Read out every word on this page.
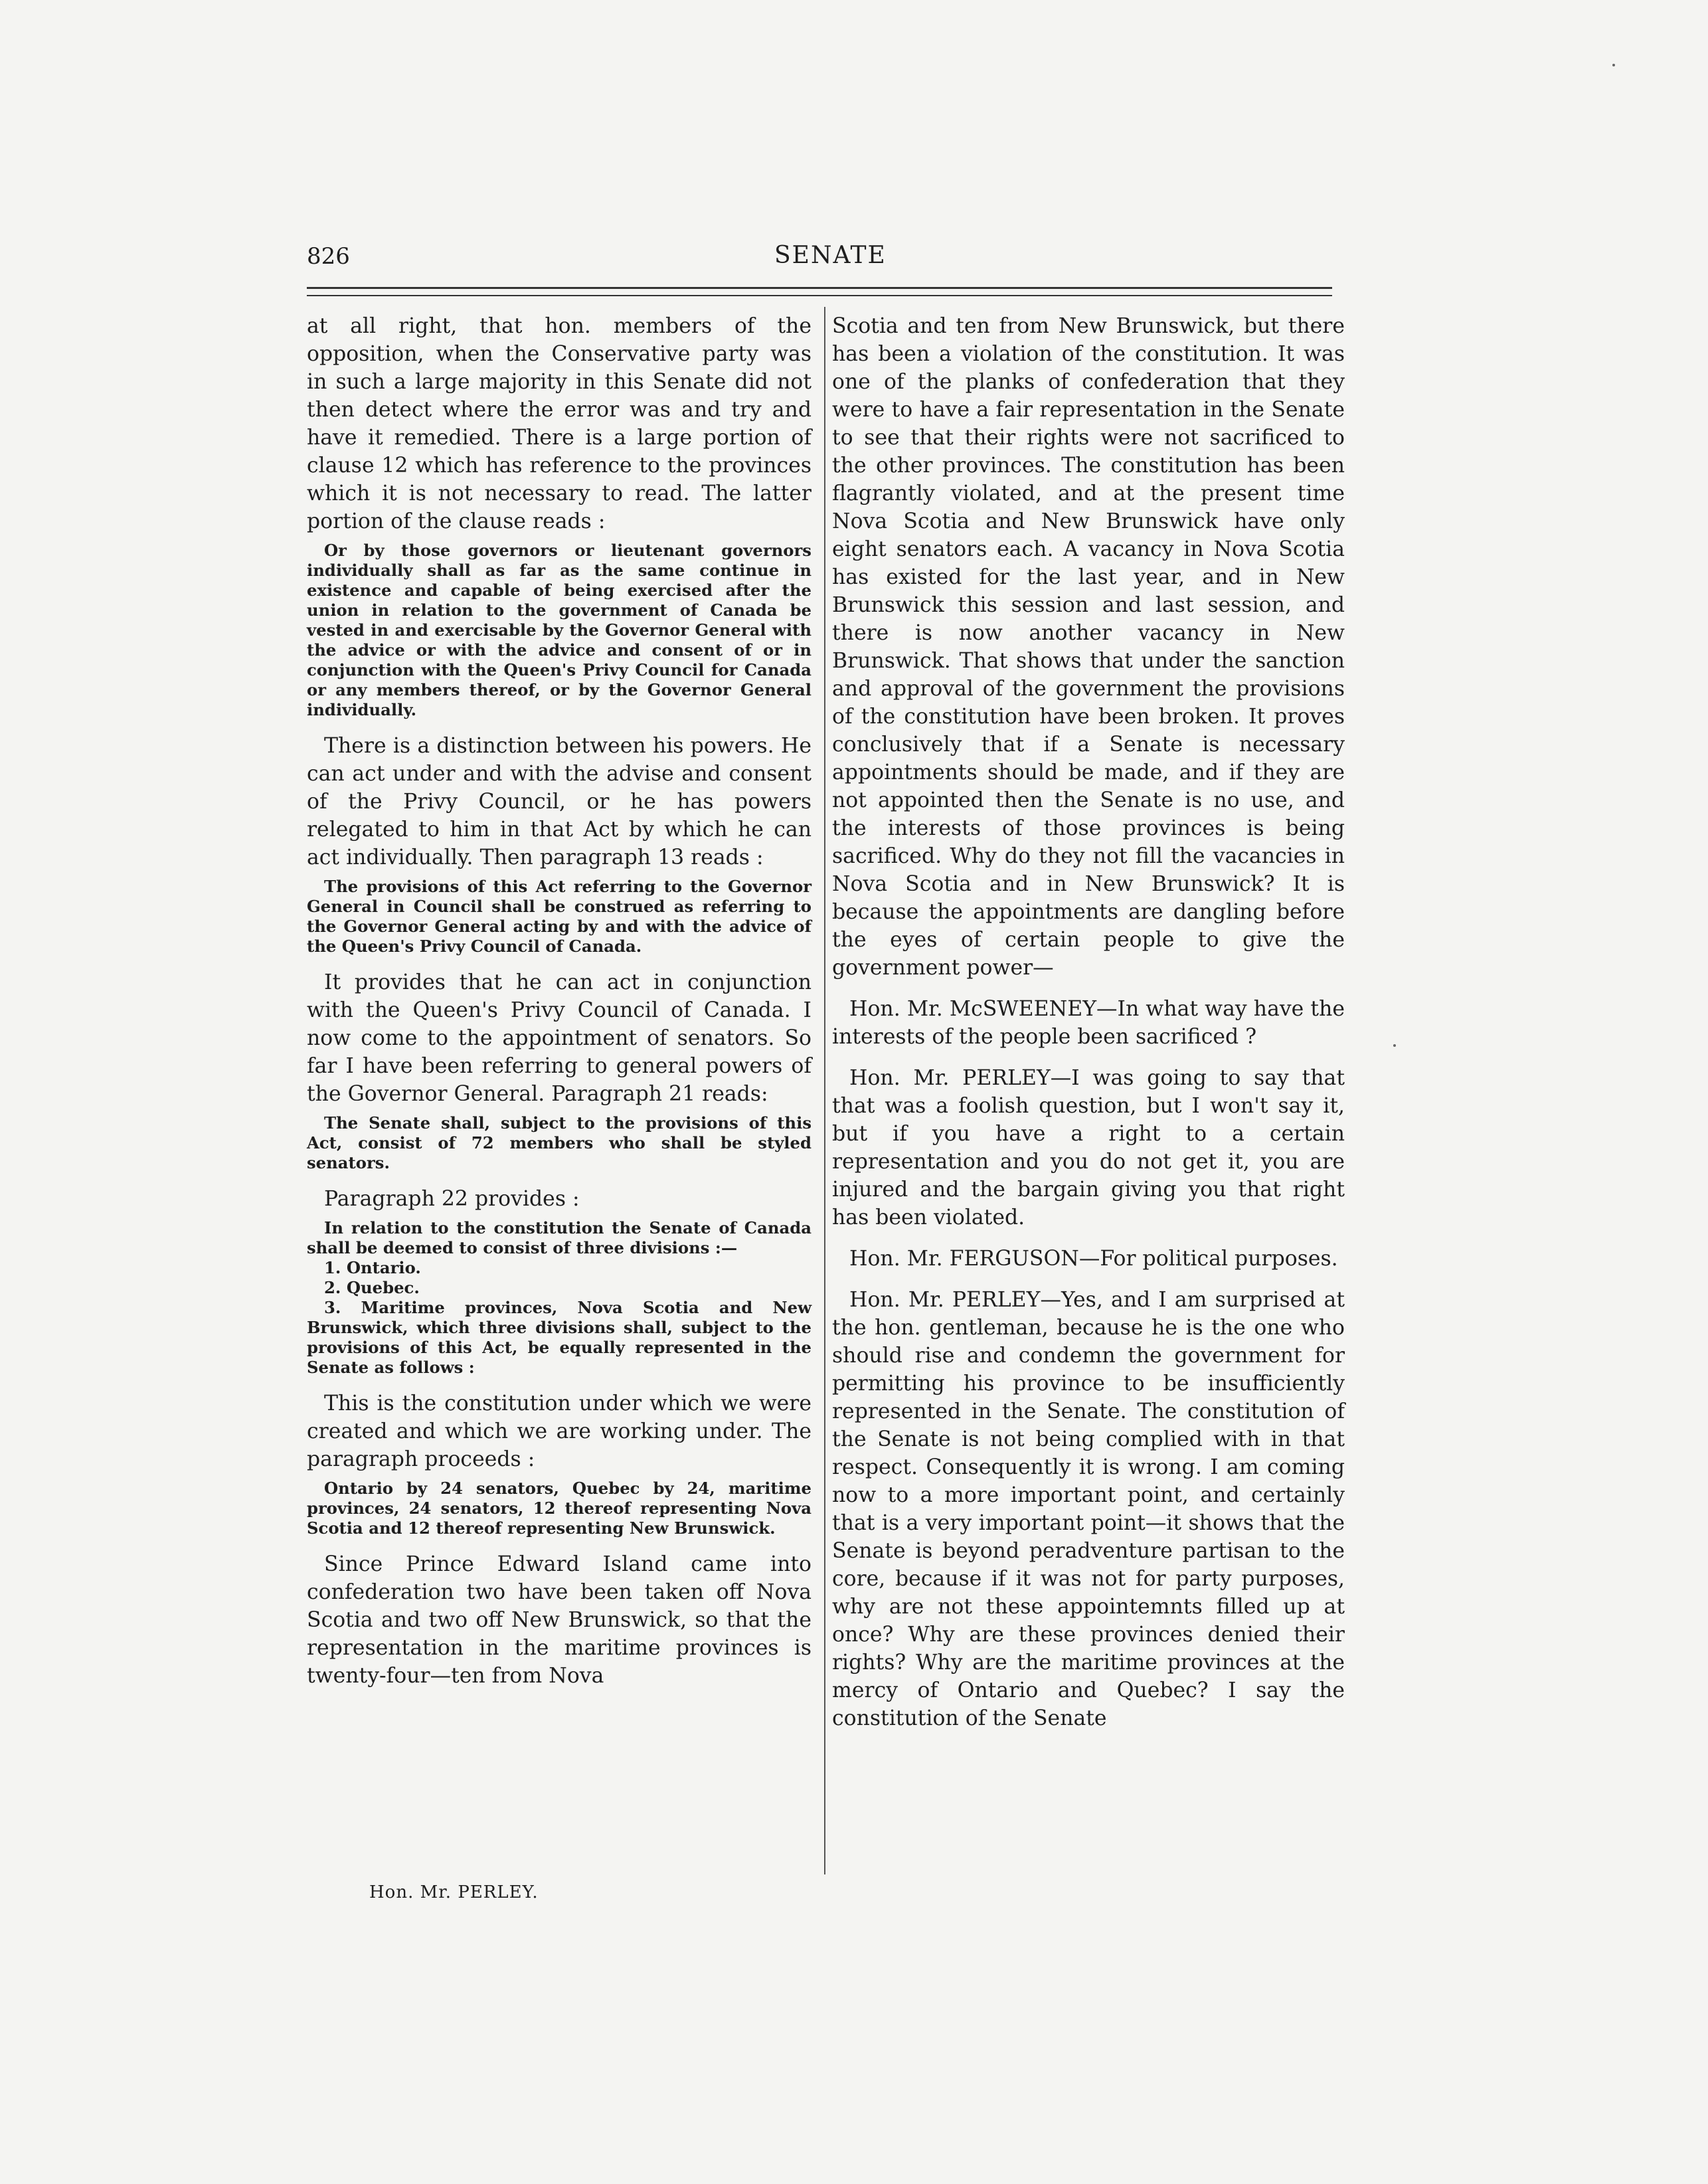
826	SENATE

at all right, that hon. members of the opposition, when the Conservative party was in such a large majority in this Senate did not then detect where the error was and try and have it remedied. There is a large portion of clause 12 which has reference to the provinces which it is not necessary to read. The latter portion of the clause reads :

Or by those governors or lieutenant governors individually shall as far as the same continue in existence and capable of being exercised after the union in relation to the government of Canada be vested in and exercisable by the Governor General with the advice or with the advice and consent of or in conjunction with the Queen's Privy Council for Canada or any members thereof, or by the Governor General individually.

There is a distinction between his powers. He can act under and with the advise and consent of the Privy Council, or he has powers relegated to him in that Act by which he can act individually. Then paragraph 13 reads :

The provisions of this Act referring to the Governor General in Council shall be construed as referring to the Governor General acting by and with the advice of the Queen's Privy Council of Canada.

It provides that he can act in conjunction with the Queen's Privy Council of Canada. I now come to the appointment of senators. So far I have been referring to general powers of the Governor General. Paragraph 21 reads:

The Senate shall, subject to the provisions of this Act, consist of 72 members who shall be styled senators.

Paragraph 22 provides :

In relation to the constitution the Senate of Canada shall be deemed to consist of three divisions :—
1. Ontario.
2. Quebec.
3. Maritime provinces, Nova Scotia and New Brunswick, which three divisions shall, subject to the provisions of this Act, be equally represented in the Senate as follows :

This is the constitution under which we were created and which we are working under. The paragraph proceeds :

Ontario by 24 senators, Quebec by 24, maritime provinces, 24 senators, 12 thereof representing Nova Scotia and 12 thereof representing New Brunswick.

Since Prince Edward Island came into confederation two have been taken off Nova Scotia and two off New Brunswick, so that the representation in the maritime provinces is twenty-four—ten from Nova

Scotia and ten from New Brunswick, but there has been a violation of the constitution. It was one of the planks of confederation that they were to have a fair representation in the Senate to see that their rights were not sacrificed to the other provinces. The constitution has been flagrantly violated, and at the present time Nova Scotia and New Brunswick have only eight senators each. A vacancy in Nova Scotia has existed for the last year, and in New Brunswick this session and last session, and there is now another vacancy in New Brunswick. That shows that under the sanction and approval of the government the provisions of the constitution have been broken. It proves conclusively that if a Senate is necessary appointments should be made, and if they are not appointed then the Senate is no use, and the interests of those provinces is being sacrificed. Why do they not fill the vacancies in Nova Scotia and in New Brunswick? It is because the appointments are dangling before the eyes of certain people to give the government power—

Hon. Mr. McSWEENEY—In what way have the interests of the people been sacrificed ?

Hon. Mr. PERLEY—I was going to say that that was a foolish question, but I won't say it, but if you have a right to a certain representation and you do not get it, you are injured and the bargain giving you that right has been violated.

Hon. Mr. FERGUSON—For political purposes.

Hon. Mr. PERLEY—Yes, and I am surprised at the hon. gentleman, because he is the one who should rise and condemn the government for permitting his province to be insufficiently represented in the Senate. The constitution of the Senate is not being complied with in that respect. Consequently it is wrong. I am coming now to a more important point, and certainly that is a very important point—it shows that the Senate is beyond peradventure partisan to the core, because if it was not for party purposes, why are not these appointemnts filled up at once? Why are these provinces denied their rights? Why are the maritime provinces at the mercy of Ontario and Quebec? I say the constitution of the Senate

Hon. Mr. PERLEY.
